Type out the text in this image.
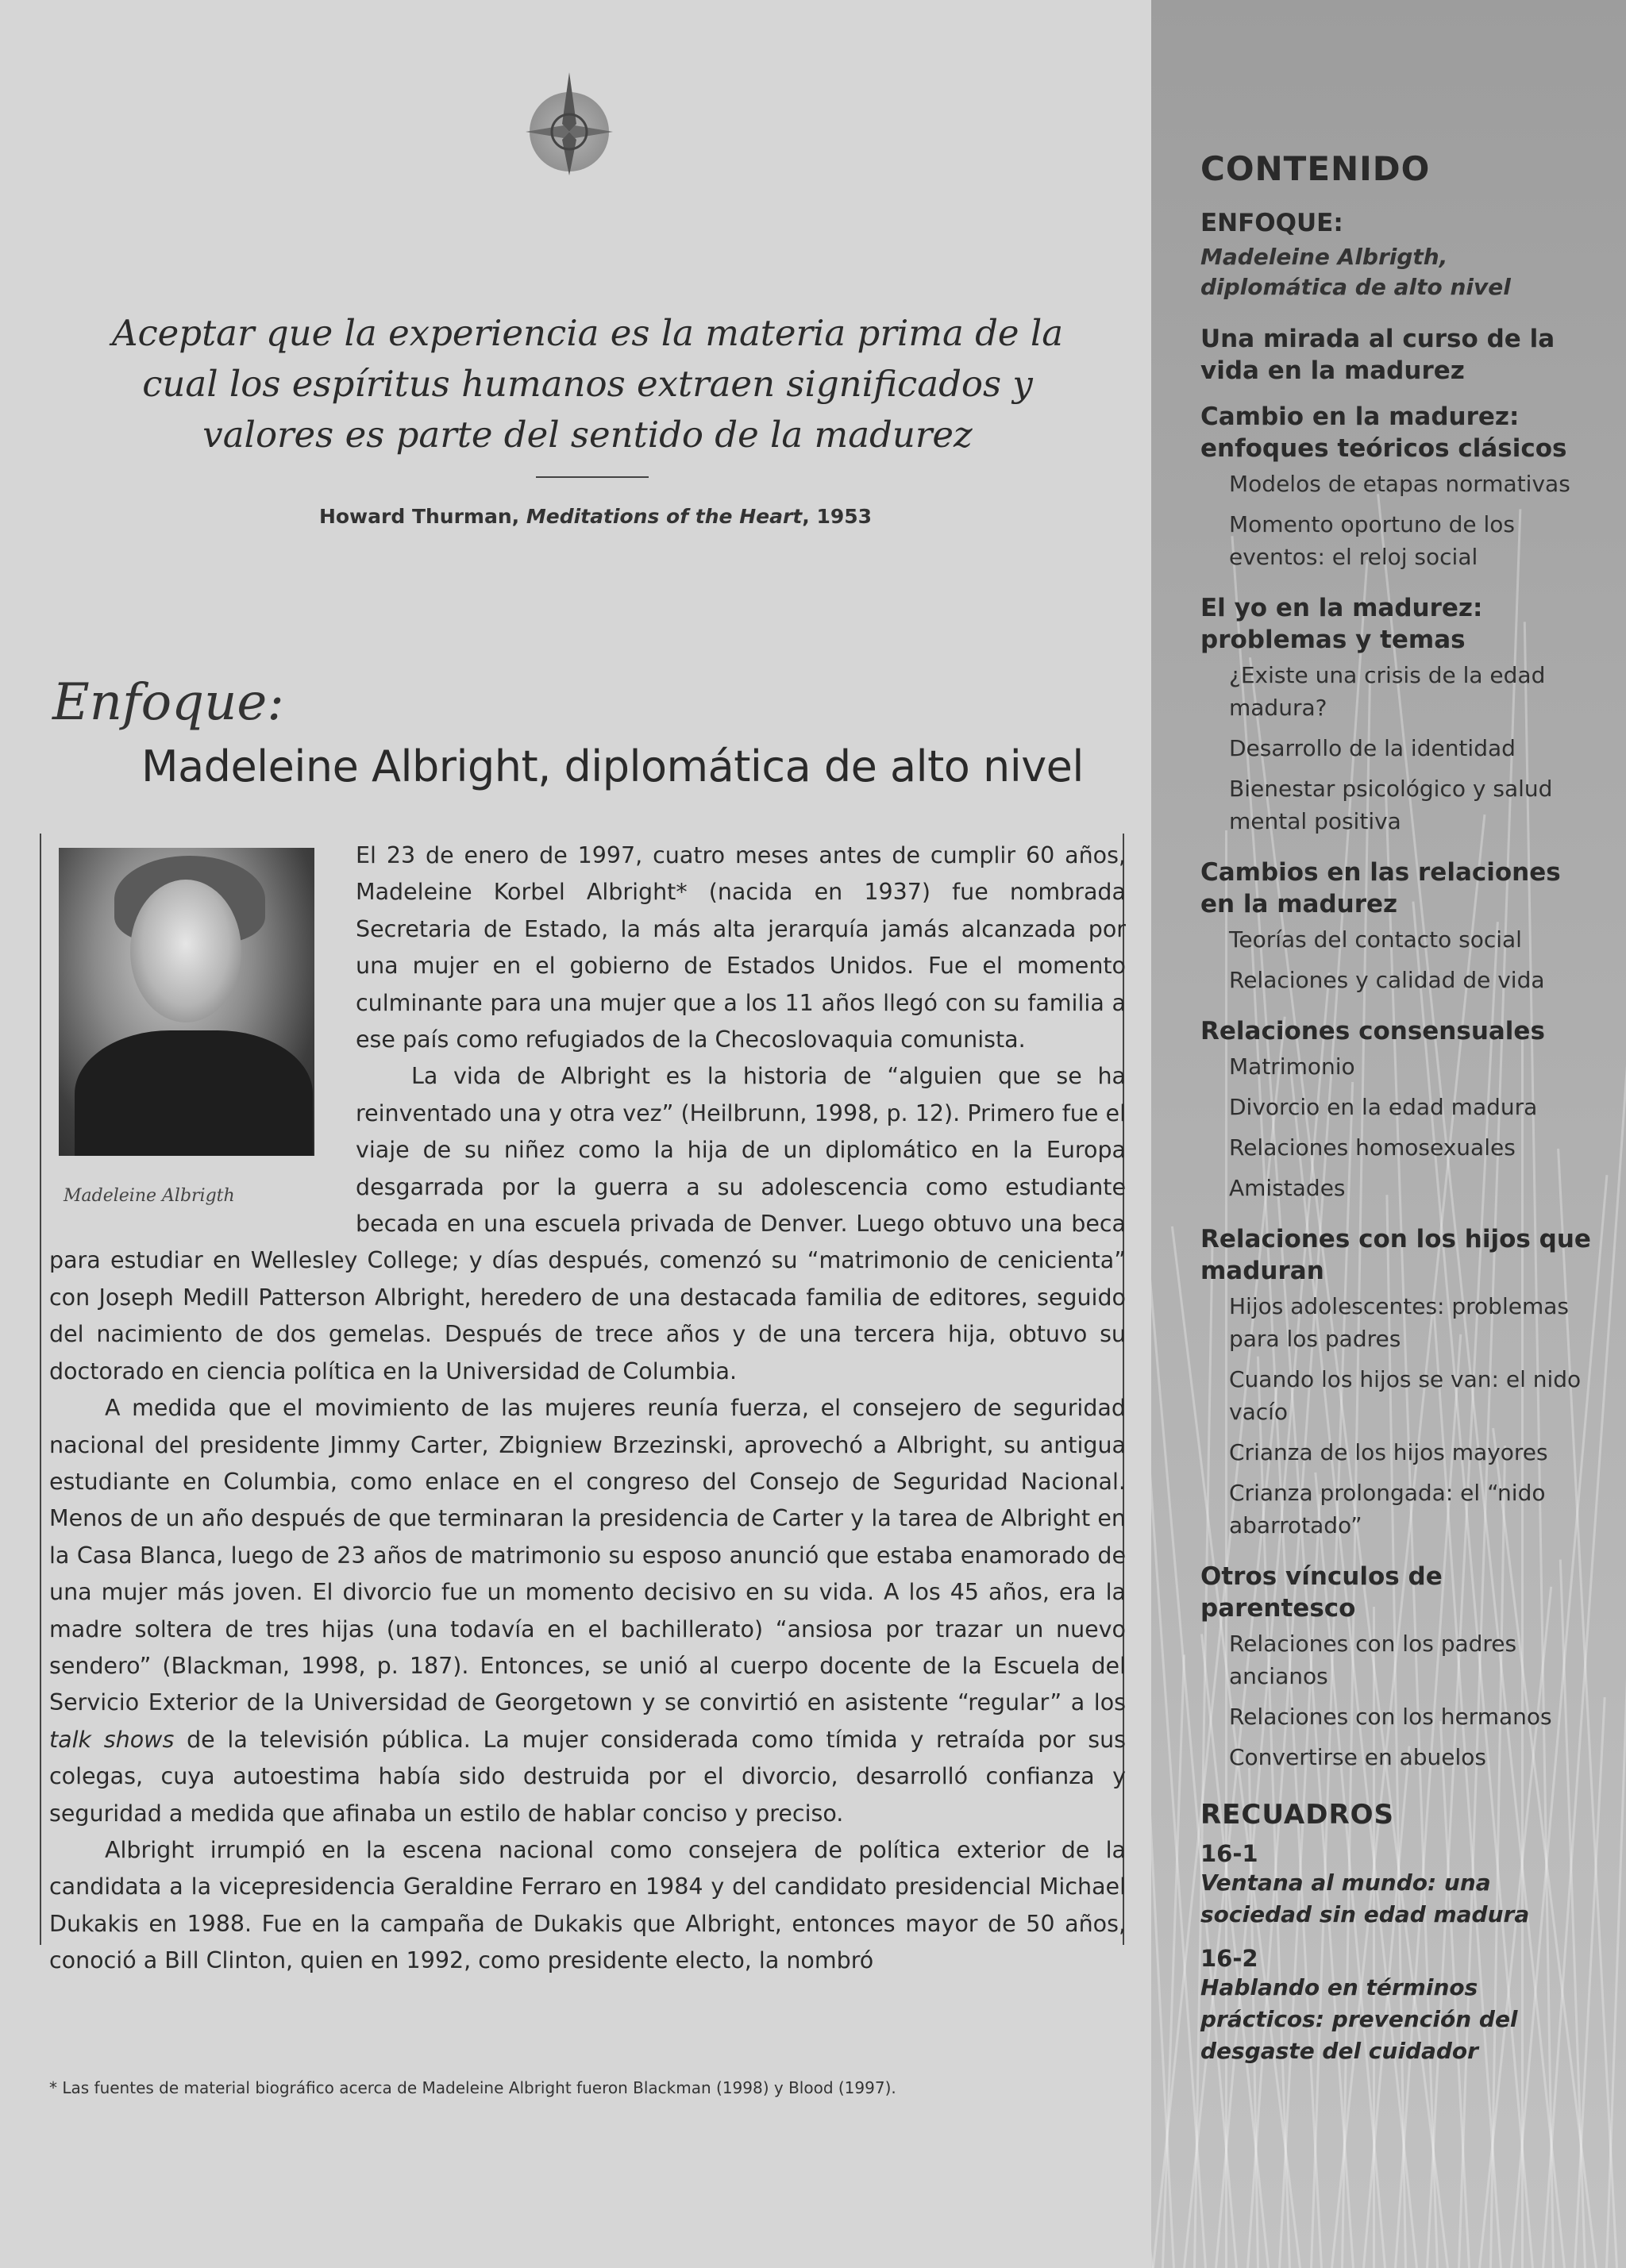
Aceptar que la experiencia es la materia prima de la
cual los espíritus humanos extraen significados y
valores es parte del sentido de la madurez
Howard Thurman, Meditations of the Heart, 1953
Enfoque:
Madeleine Albright, diplomática de alto nivel

El 23 de enero de 1997, cuatro meses antes de cumplir 60 años, Madeleine Korbel Albright* (nacida en 1937) fue nombrada Secretaria de Estado, la más alta jerarquía jamás alcanzada por una mujer en el gobierno de Estados Unidos. Fue el momento culminante para una mujer que a los 11 años llegó con su familia a ese país como refugiados de la Checoslovaquia comunista.

La vida de Albright es la historia de “alguien que se ha reinventado una y otra vez” (Heilbrunn, 1998, p. 12). Primero fue el viaje de su niñez como la hija de un diplomático en la Europa desgarrada por la guerra a su adolescencia como estudiante becada en una escuela privada de Denver. Luego obtuvo una beca para estudiar en Wellesley College; y días después, comenzó su “matrimonio de cenicienta” con Joseph Medill Patterson Albright, heredero de una destacada familia de editores, seguido del nacimiento de dos gemelas. Después de trece años y de una tercera hija, obtuvo su doctorado en ciencia política en la Universidad de Columbia.

A medida que el movimiento de las mujeres reunía fuerza, el consejero de seguridad nacional del presidente Jimmy Carter, Zbigniew Brzezinski, aprovechó a Albright, su antigua estudiante en Columbia, como enlace en el congreso del Consejo de Seguridad Nacional. Menos de un año después de que terminaran la presidencia de Carter y la tarea de Albright en la Casa Blanca, luego de 23 años de matrimonio su esposo anunció que estaba enamorado de una mujer más joven. El divorcio fue un momento decisivo en su vida. A los 45 años, era la madre soltera de tres hijas (una todavía en el bachillerato) “ansiosa por trazar un nuevo sendero” (Blackman, 1998, p. 187). Entonces, se unió al cuerpo docente de la Escuela del Servicio Exterior de la Universidad de Georgetown y se convirtió en asistente “regular” a los talk shows de la televisión pública. La mujer considerada como tímida y retraída por sus colegas, cuya autoestima había sido destruida por el divorcio, desarrolló confianza y seguridad a medida que afinaba un estilo de hablar conciso y preciso.

Albright irrumpió en la escena nacional como consejera de política exterior de la candidata a la vicepresidencia Geraldine Ferraro en 1984 y del candidato presidencial Michael Dukakis en 1988. Fue en la campaña de Dukakis que Albright, entonces mayor de 50 años, conoció a Bill Clinton, quien en 1992, como presidente electo, la nombró

Madeleine Albrigth
* Las fuentes de material biográfico acerca de Madeleine Albright fueron Blackman (1998) y Blood (1997).
CONTENIDO
ENFOQUE:
Madeleine Albrigth, diplomática de alto nivel
Una mirada al curso de la vida en la madurez
Cambio en la madurez: enfoques teóricos clásicos
Modelos de etapas normativas
Momento oportuno de los eventos: el reloj social
El yo en la madurez: problemas y temas
¿Existe una crisis de la edad madura?
Desarrollo de la identidad
Bienestar psicológico y salud mental positiva
Cambios en las relaciones en la madurez
Teorías del contacto social
Relaciones y calidad de vida
Relaciones consensuales
Matrimonio
Divorcio en la edad madura
Relaciones homosexuales
Amistades
Relaciones con los hijos que maduran
Hijos adolescentes: problemas para los padres
Cuando los hijos se van: el nido vacío
Crianza de los hijos mayores
Crianza prolongada: el “nido abarrotado”
Otros vínculos de parentesco
Relaciones con los padres ancianos
Relaciones con los hermanos
Convertirse en abuelos
RECUADROS
16-1
Ventana al mundo: una sociedad sin edad madura
16-2
Hablando en términos prácticos: prevención del desgaste del cuidador
